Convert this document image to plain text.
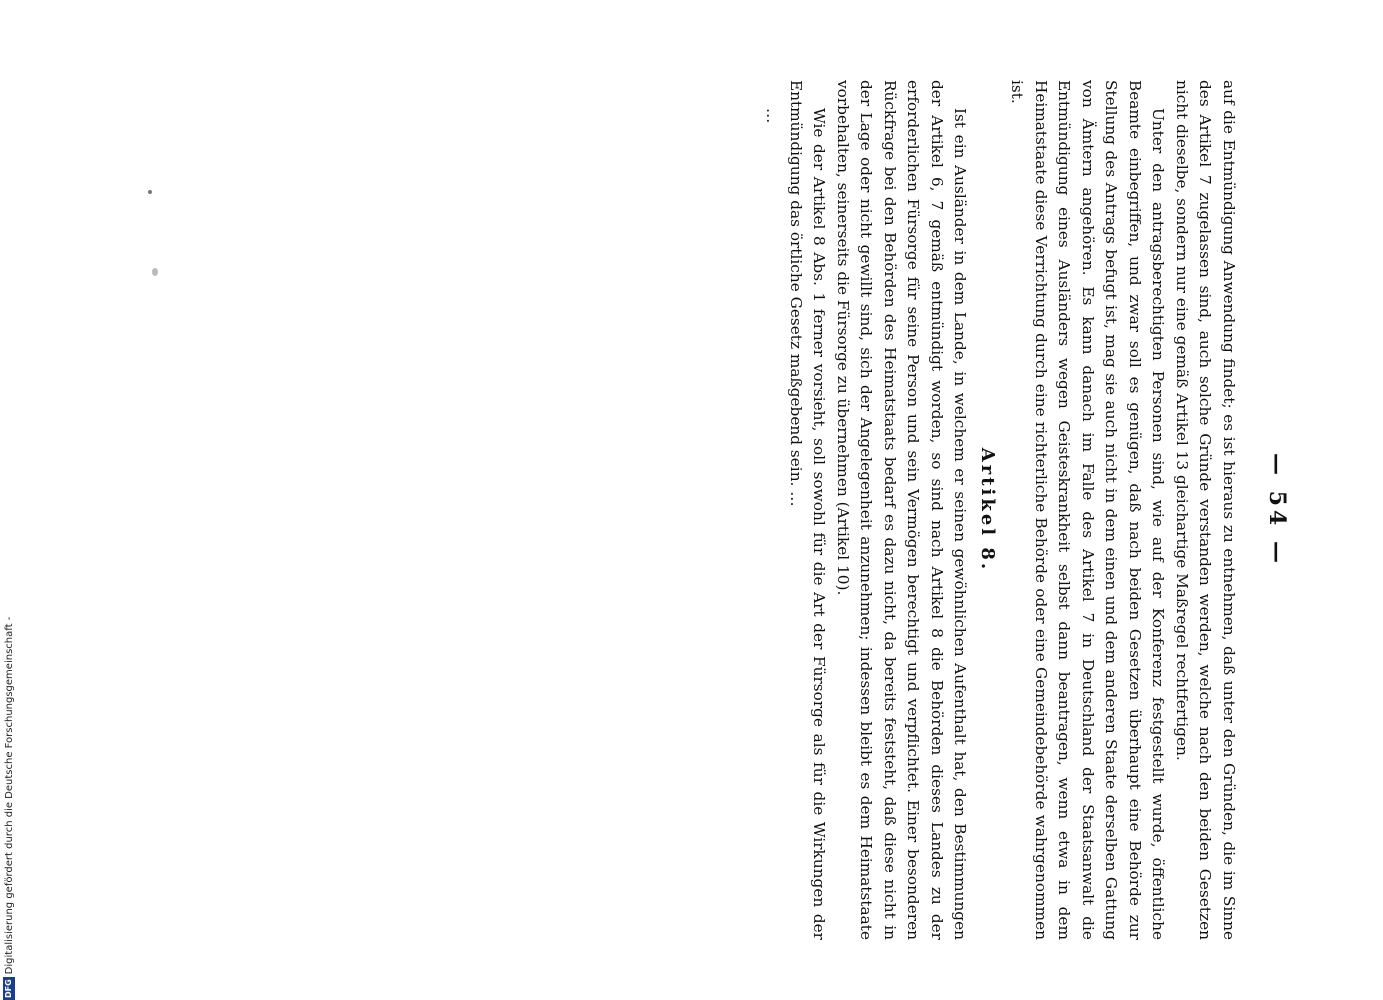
— 54 —

auf die Entmündigung Anwendung findet; es ist hieraus zu entnehmen, daß unter den Gründen, die im Sinne des Artikel 7 zugelassen sind, auch solche Gründe verstanden werden, welche nach den beiden Gesetzen nicht dieselbe, sondern nur eine gemäß Artikel 13 gleichartige Maßregel rechtfertigen.

Unter den antragsberechtigten Personen sind, wie auf der Konferenz festgestellt wurde, öffentliche Beamte einbegriffen, und zwar soll es genügen, daß nach beiden Gesetzen überhaupt eine Behörde zur Stellung des Antrags befugt ist, mag sie auch nicht in dem einen und dem anderen Staate derselben Gattung von Ämtern angehören. Es kann danach im Falle des Artikel 7 in Deutschland der Staatsanwalt die Entmündigung eines Ausländers wegen Geisteskrankheit selbst dann beantragen, wenn etwa in dem Heimatstaate diese Verrichtung durch eine richterliche Behörde oder eine Gemeindebehörde wahrgenommen ist.

Artikel 8.

Ist ein Ausländer in dem Lande, in welchem er seinen gewöhnlichen Aufenthalt hat, den Bestimmungen der Artikel 6, 7 gemäß entmündigt worden, so sind nach Artikel 8 die Behörden dieses Landes zu der erforderlichen Fürsorge für seine Person und sein Vermögen berechtigt und verpflichtet. Einer besonderen Rückfrage bei den Behörden des Heimatstaats bedarf es dazu nicht, da bereits feststeht, daß diese nicht in der Lage oder nicht gewillt sind, sich der Angelegenheit anzunehmen; indessen bleibt es dem Heimatstaate vorbehalten, seinerseits die Fürsorge zu übernehmen (Artikel 10).

Wie der Artikel 8 Abs. 1 ferner vorsieht, soll sowohl für die Art der Fürsorge als für die Wirkungen der Entmündigung das örtliche Gesetz maßgebend sein. …

…

DFG
Digitalisierung gefördert durch die Deutsche Forschungsgemeinschaft -
